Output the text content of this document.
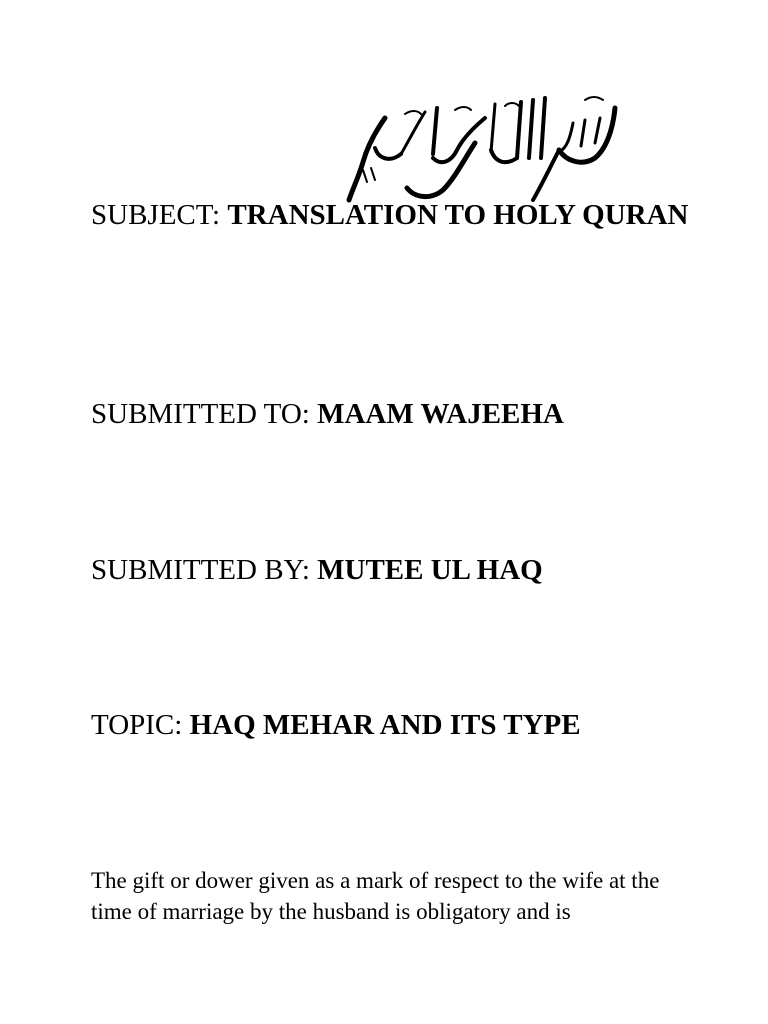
SUBJECT: TRANSLATION TO HOLY QURAN
SUBMITTED TO: MAAM WAJEEHA
SUBMITTED BY: MUTEE UL HAQ
TOPIC: HAQ MEHAR AND ITS TYPE

The gift or dower given as a mark of respect to the wife at the time of marriage by the husband is obligatory and is
